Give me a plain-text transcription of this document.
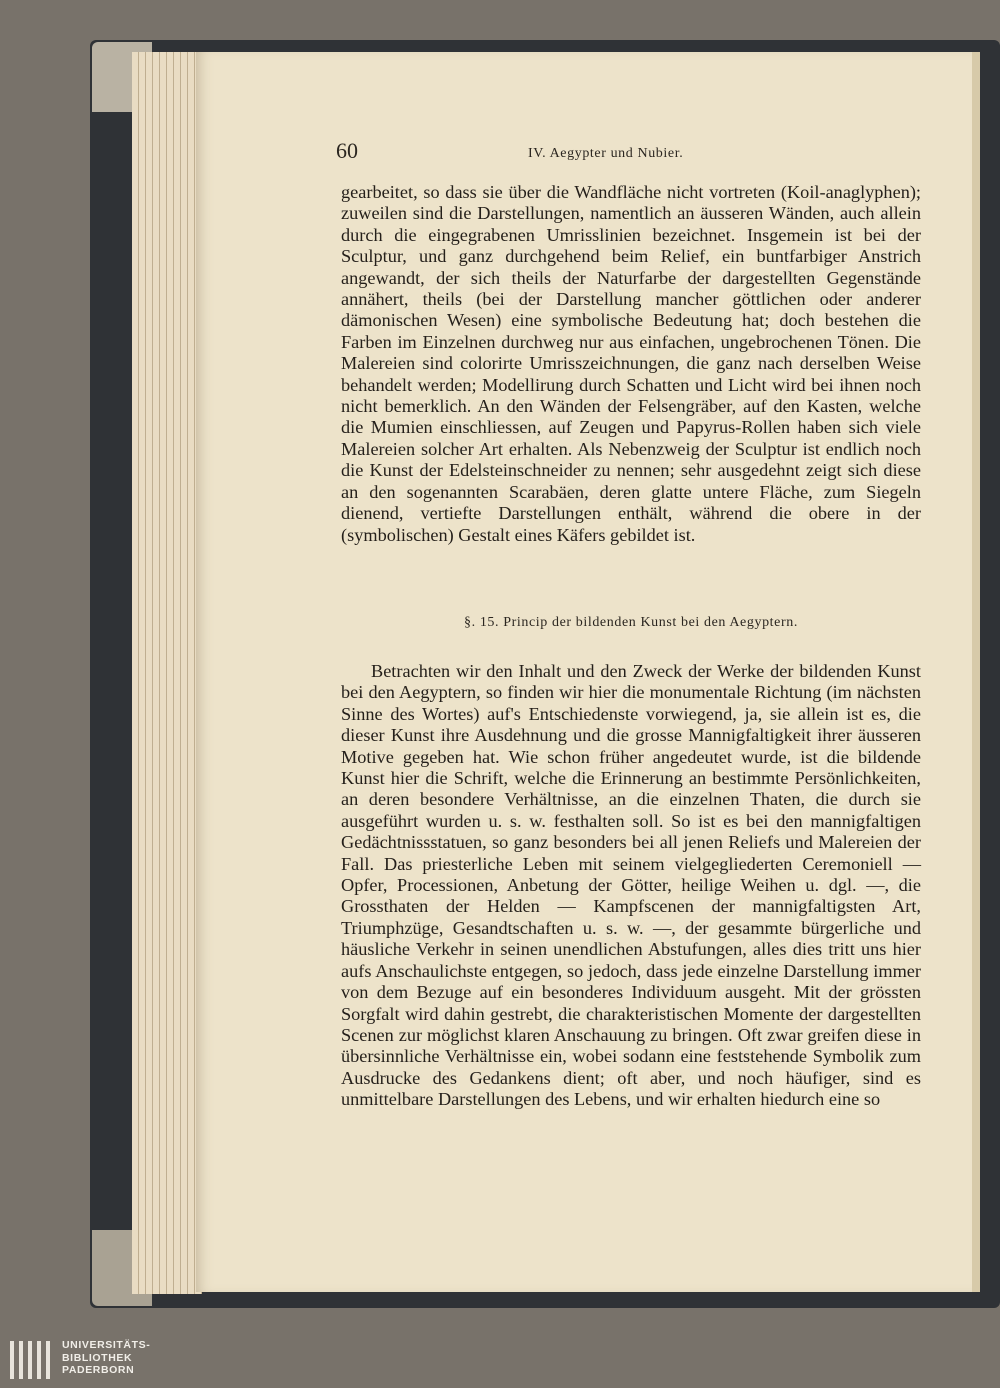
60	IV. Aegypter und Nubier.

gearbeitet, so dass sie über die Wandfläche nicht vortreten (Koil-anaglyphen); zuweilen sind die Darstellungen, namentlich an äusseren Wänden, auch allein durch die eingegrabenen Umrisslinien bezeichnet. Insgemein ist bei der Sculptur, und ganz durchgehend beim Relief, ein buntfarbiger Anstrich angewandt, der sich theils der Naturfarbe der dargestellten Gegenstände annähert, theils (bei der Darstellung mancher göttlichen oder anderer dämonischen Wesen) eine symbolische Bedeutung hat; doch bestehen die Farben im Einzelnen durchweg nur aus einfachen, ungebrochenen Tönen. Die Malereien sind colorirte Umrisszeichnungen, die ganz nach derselben Weise behandelt werden; Modellirung durch Schatten und Licht wird bei ihnen noch nicht bemerklich. An den Wänden der Felsengräber, auf den Kasten, welche die Mumien einschliessen, auf Zeugen und Papyrus-Rollen haben sich viele Malereien solcher Art erhalten. Als Nebenzweig der Sculptur ist endlich noch die Kunst der Edelsteinschneider zu nennen; sehr ausgedehnt zeigt sich diese an den sogenannten Scarabäen, deren glatte untere Fläche, zum Siegeln dienend, vertiefte Darstellungen enthält, während die obere in der (symbolischen) Gestalt eines Käfers gebildet ist.

§. 15. Princip der bildenden Kunst bei den Aegyptern.

Betrachten wir den Inhalt und den Zweck der Werke der bildenden Kunst bei den Aegyptern, so finden wir hier die monumentale Richtung (im nächsten Sinne des Wortes) auf's Entschiedenste vorwiegend, ja, sie allein ist es, die dieser Kunst ihre Ausdehnung und die grosse Mannigfaltigkeit ihrer äusseren Motive gegeben hat. Wie schon früher angedeutet wurde, ist die bildende Kunst hier die Schrift, welche die Erinnerung an bestimmte Persönlichkeiten, an deren besondere Verhältnisse, an die einzelnen Thaten, die durch sie ausgeführt wurden u. s. w. festhalten soll. So ist es bei den mannigfaltigen Gedächtnissstatuen, so ganz besonders bei all jenen Reliefs und Malereien der Fall. Das priesterliche Leben mit seinem vielgegliederten Ceremoniell — Opfer, Processionen, Anbetung der Götter, heilige Weihen u. dgl. —, die Grossthaten der Helden — Kampfscenen der mannigfaltigsten Art, Triumphzüge, Gesandtschaften u. s. w. —, der gesammte bürgerliche und häusliche Verkehr in seinen unendlichen Abstufungen, alles dies tritt uns hier aufs Anschaulichste entgegen, so jedoch, dass jede einzelne Darstellung immer von dem Bezuge auf ein besonderes Individuum ausgeht. Mit der grössten Sorgfalt wird dahin gestrebt, die charakteristischen Momente der dargestellten Scenen zur möglichst klaren Anschauung zu bringen. Oft zwar greifen diese in übersinnliche Verhältnisse ein, wobei sodann eine feststehende Symbolik zum Ausdrucke des Gedankens dient; oft aber, und noch häufiger, sind es unmittelbare Darstellungen des Lebens, und wir erhalten hiedurch eine so

UNIVERSITÄTS-
BIBLIOTHEK
PADERBORN
